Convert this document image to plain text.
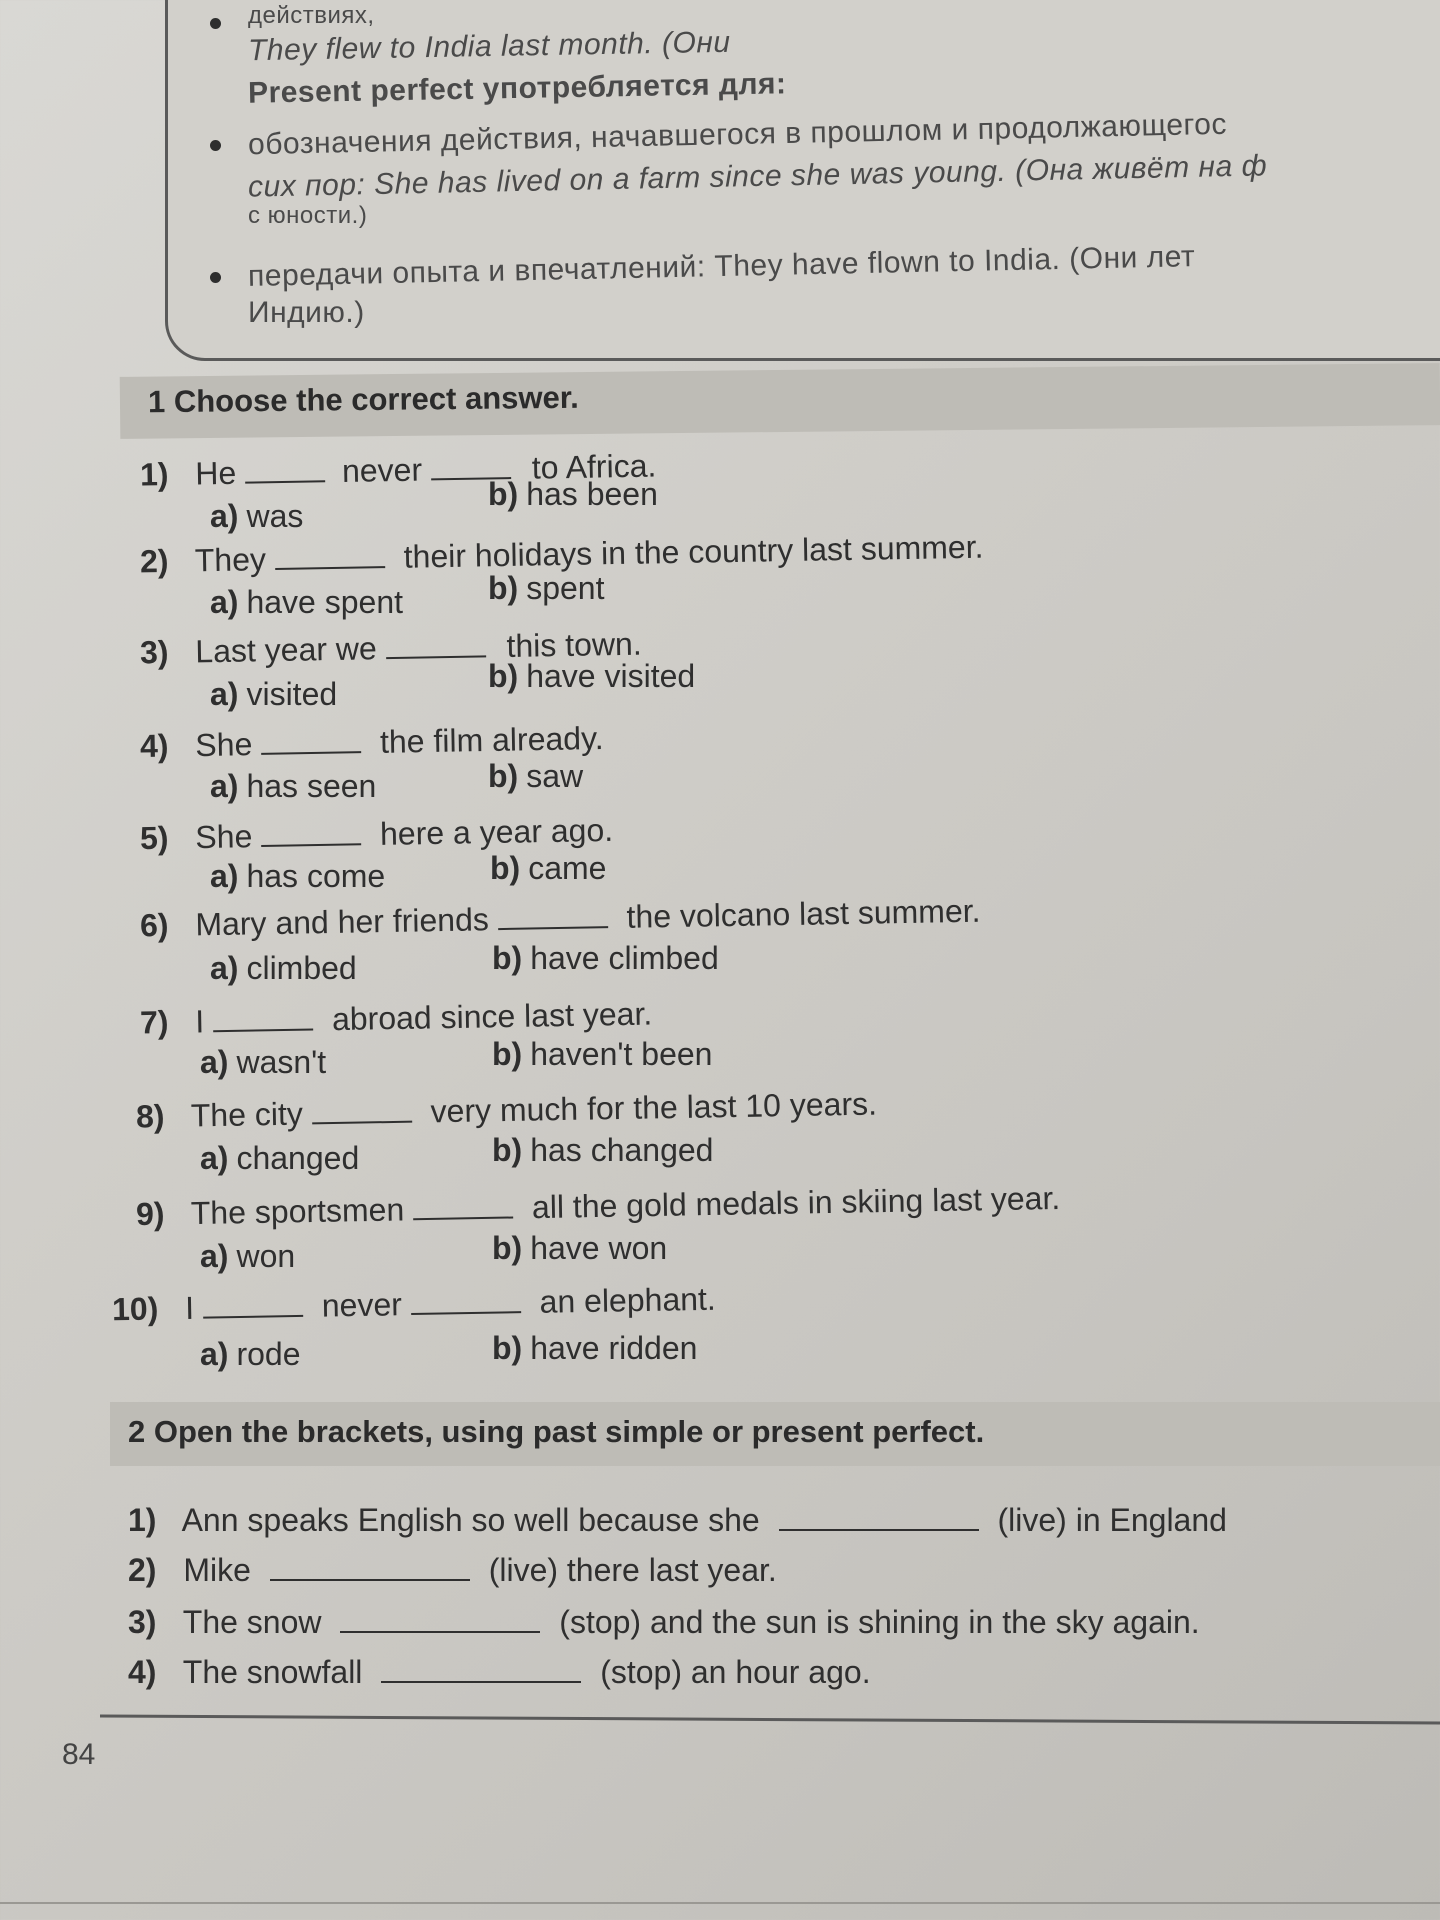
действиях,
They flew to India last month. (Они
Present perfect употребляется для:
обозначения действия, начавшегося в прошлом и продолжающегос
сих пор: She has lived on a farm since she was young. (Она живёт на ф
с юности.)
передачи опыта и впечатлений: They have flown to India. (Они лет
Индию.)
1 Choose the correct answer.
1) He	never	to Africa.
a) was
b) has been
2) They	their holidays in the country last summer.
a) have spent	b) spent
3) Last year we	this town.
a) visited	b) have visited
4) She	the film already.
a) has seen	b) saw
5) She	here a year ago.
a) has come	b) came
6) Mary and her friends	the volcano last summer.
a) climbed	b) have climbed
7) I	abroad since last year.
a) wasn't	b) haven't been
8) The city	very much for the last 10 years.
a) changed	b) has changed
9) The sportsmen	all the gold medals in skiing last year.
a) won	b) have won
10) I	never	an elephant.
a) rode	b) have ridden
2 Open the brackets, using past simple or present perfect.
1) Ann speaks English so well because she	(live) in England
2) Mike	(live) there last year.
3) The snow	(stop) and the sun is shining in the sky again.
4) The snowfall	(stop) an hour ago.
84
